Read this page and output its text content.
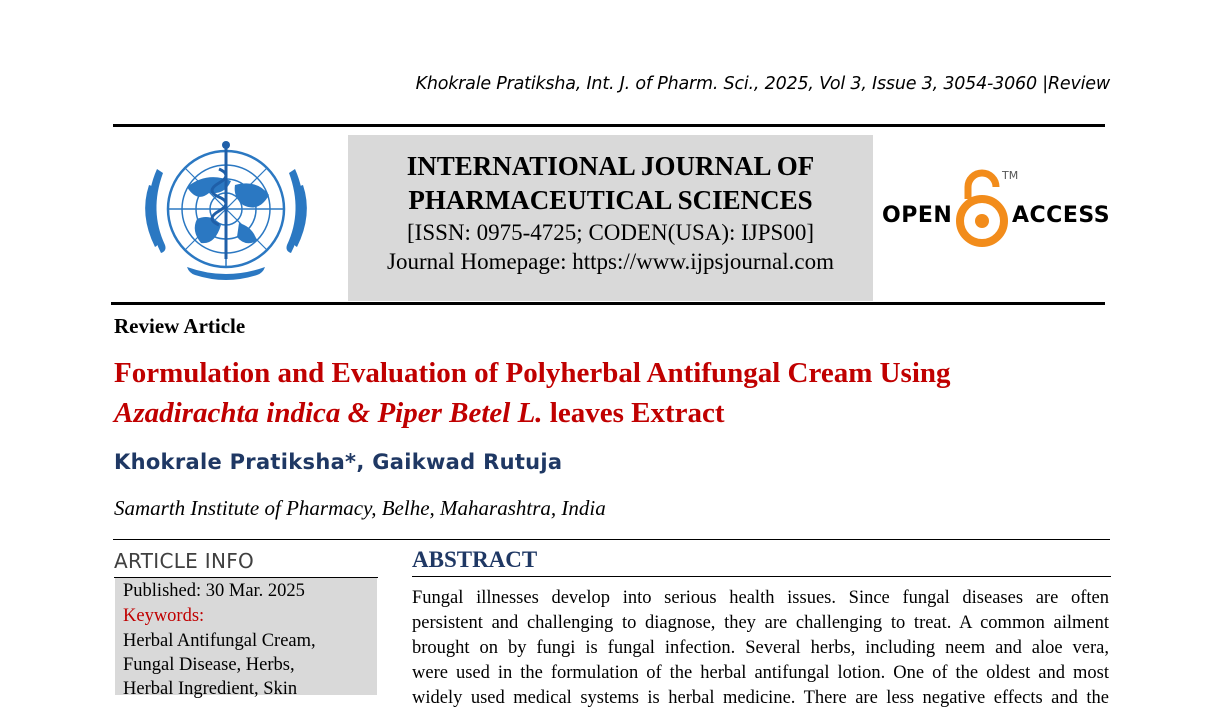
Khokrale Pratiksha, Int. J. of Pharm. Sci., 2025, Vol 3, Issue 3, 3054-3060 |Review
INTERNATIONAL JOURNAL OF
PHARMACEUTICAL SCIENCES
[ISSN: 0975-4725; CODEN(USA): IJPS00]
Journal Homepage: https://www.ijpsjournal.com
OPEN
TM
ACCESS
Review Article
Formulation and Evaluation of Polyherbal Antifungal Cream Using
Azadirachta indica & Piper Betel L. leaves Extract
Khokrale Pratiksha*, Gaikwad Rutuja
Samarth Institute of Pharmacy, Belhe, Maharashtra, India
ARTICLE INFO
Published: 30 Mar. 2025
Keywords:
Herbal Antifungal Cream,
Fungal Disease, Herbs,
Herbal Ingredient, Skin
ABSTRACT
Fungal illnesses develop into serious health issues. Since fungal diseases are often
persistent and challenging to diagnose, they are challenging to treat. A common ailment
brought on by fungi is fungal infection. Several herbs, including neem and aloe vera,
were used in the formulation of the herbal antifungal lotion. One of the oldest and most
widely used medical systems is herbal medicine. There are less negative effects and the
